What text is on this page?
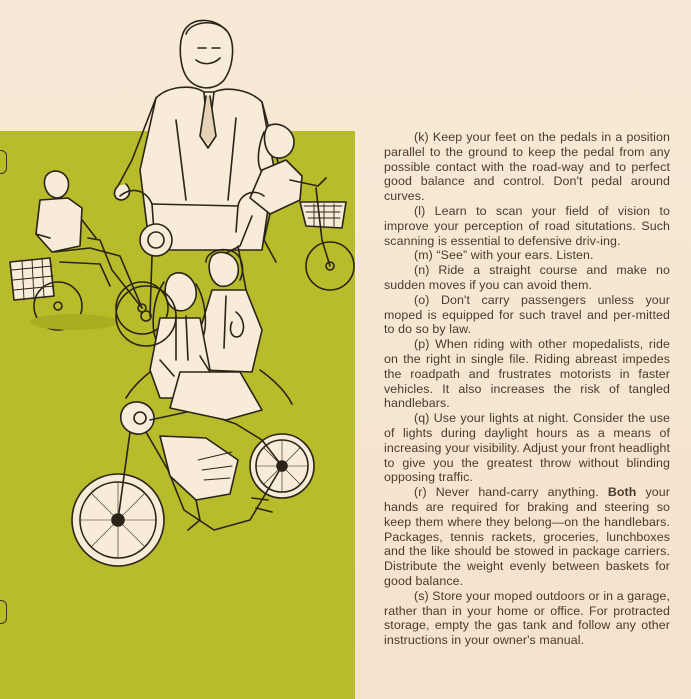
(k) Keep your feet on the pedals in a position parallel to the ground to keep the pedal from any possible contact with the road-way and to perfect good balance and control. Don't pedal around curves.

(l) Learn to scan your field of vision to improve your perception of road situtations. Such scanning is essential to defensive driv-ing.

(m) “See” with your ears. Listen.

(n) Ride a straight course and make no sudden moves if you can avoid them.

(o) Don't carry passengers unless your moped is equipped for such travel and per-mitted to do so by law.

(p) When riding with other mopedalists, ride on the right in single file. Riding abreast impedes the roadpath and frustrates motorists in faster vehicles. It also increases the risk of tangled handlebars.

(q) Use your lights at night. Consider the use of lights during daylight hours as a means of increasing your visibility. Adjust your front headlight to give you the greatest throw without blinding opposing traffic.

(r) Never hand-carry anything. Both your hands are required for braking and steering so keep them where they belong—on the handlebars. Packages, tennis rackets, groceries, lunchboxes and the like should be stowed in package carriers. Distribute the weight evenly between baskets for good balance.

(s) Store your moped outdoors or in a garage, rather than in your home or office. For protracted storage, empty the gas tank and follow any other instructions in your owner's manual.
